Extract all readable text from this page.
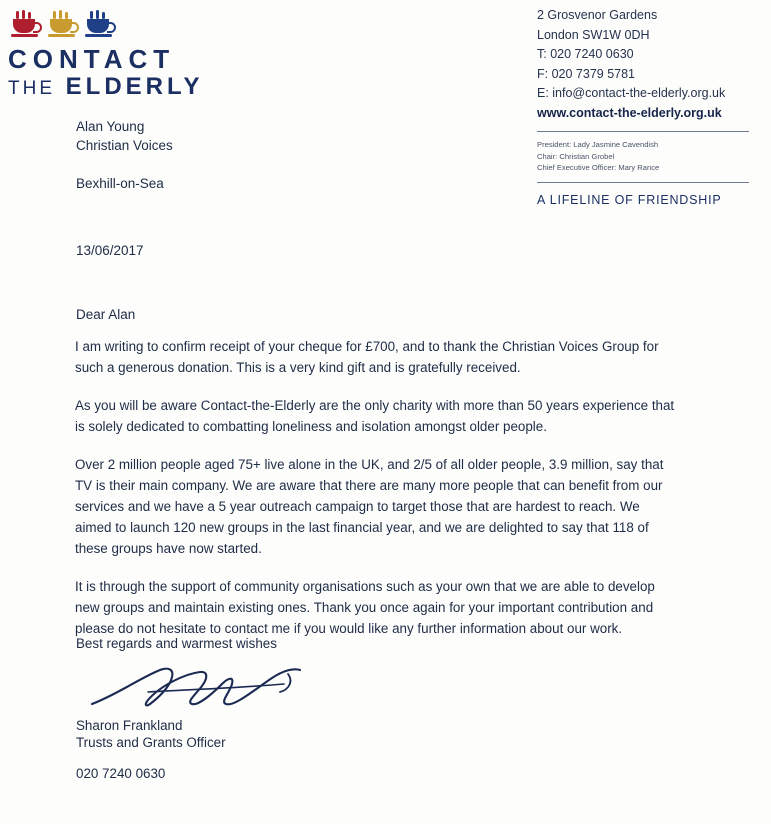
CONTACT
THE ELDERLY
2 Grosvenor Gardens
London SW1W 0DH
T: 020 7240 0630
F: 020 7379 5781
E: info@contact-the-elderly.org.uk
www.contact-the-elderly.org.uk
President: Lady Jasmine Cavendish
Chair: Christian Grobel
Chief Executive Officer: Mary Rance
A LIFELINE OF FRIENDSHIP
Alan Young
Christian Voices
Bexhill-on-Sea
13/06/2017
Dear Alan

I am writing to confirm receipt of your cheque for £700, and to thank the Christian Voices Group for such a generous donation. This is a very kind gift and is gratefully received.

As you will be aware Contact-the-Elderly are the only charity with more than 50 years experience that is solely dedicated to combatting loneliness and isolation amongst older people.

Over 2 million people aged 75+ live alone in the UK, and 2/5 of all older people, 3.9 million, say that TV is their main company. We are aware that there are many more people that can benefit from our services and we have a 5 year outreach campaign to target those that are hardest to reach. We aimed to launch 120 new groups in the last financial year, and we are delighted to say that 118 of these groups have now started.

It is through the support of community organisations such as your own that we are able to develop new groups and maintain existing ones. Thank you once again for your important contribution and please do not hesitate to contact me if you would like any further information about our work.

Best regards and warmest wishes
Sharon Frankland
Trusts and Grants Officer
020 7240 0630
